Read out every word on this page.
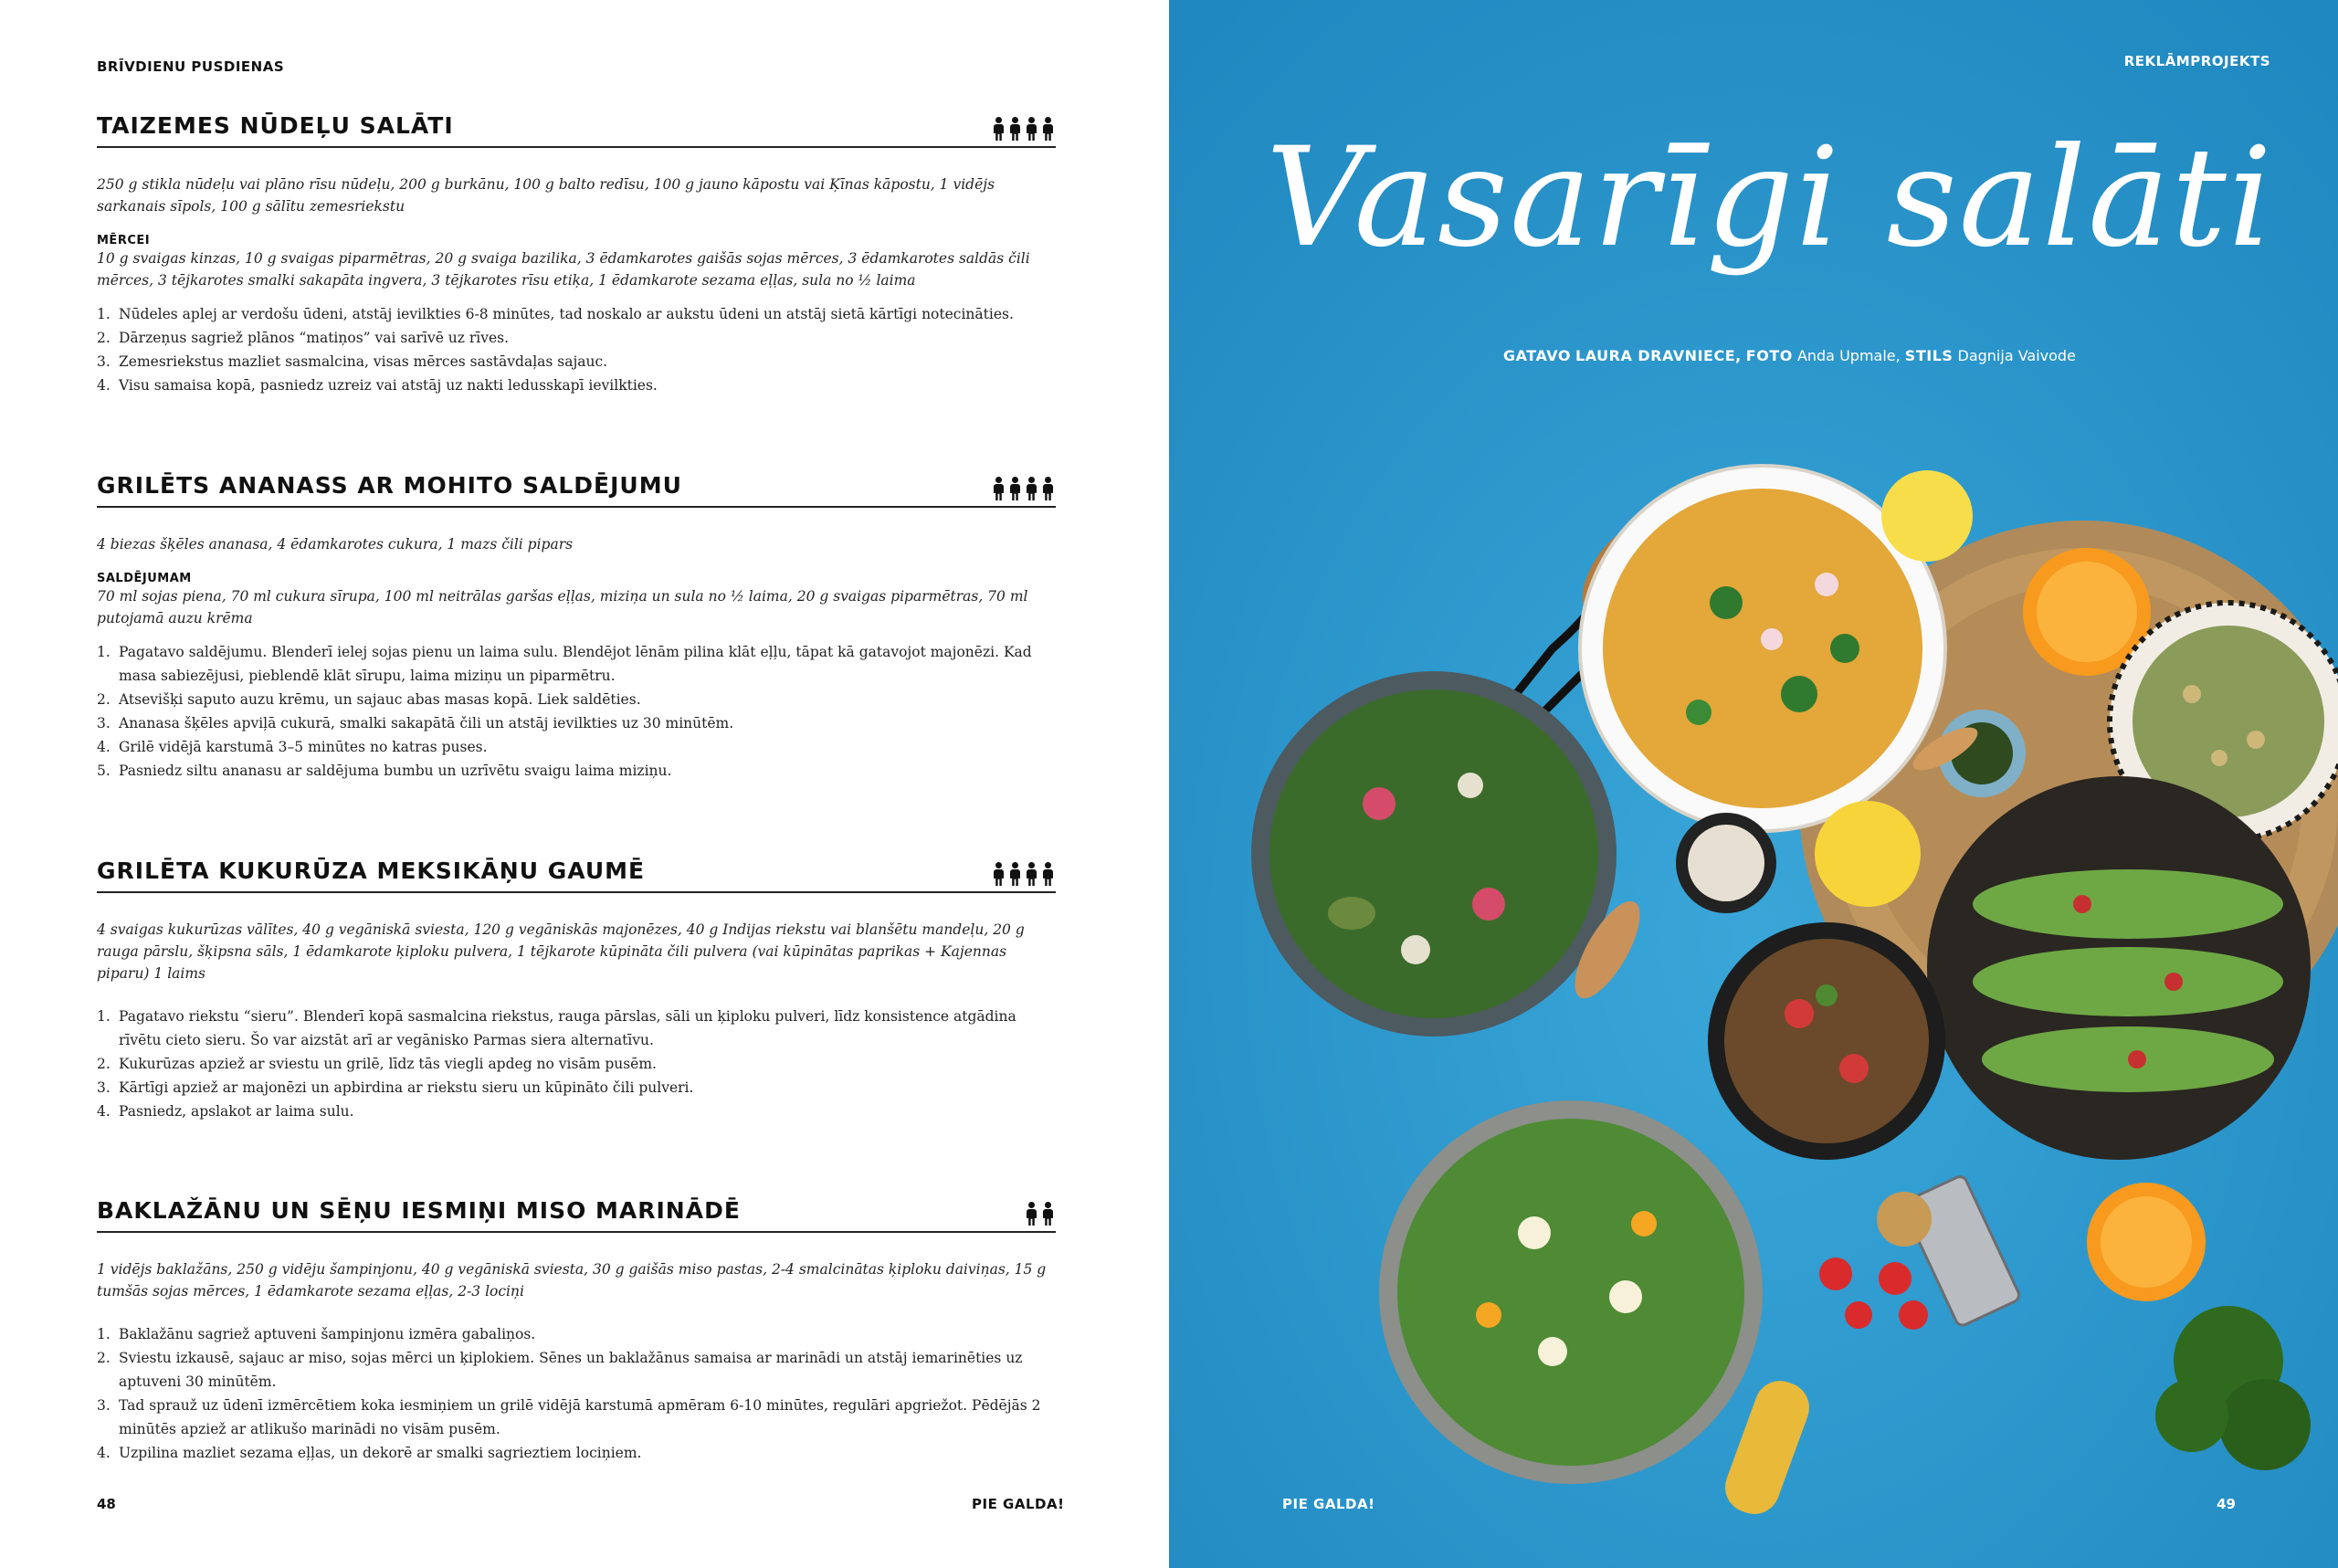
BRĪVDIENU PUSDIENAS
TAIZEMES NŪDEĻU SALĀTI
250 g stikla nūdeļu vai plāno rīsu nūdeļu, 200 g burkānu, 100 g balto redīsu, 100 g jauno kāpostu vai Ķīnas kāpostu, 1 vidējs sarkanais sīpols, 100 g sālītu zemesriekstu
MĒRCEI
10 g svaigas kinzas, 10 g svaigas piparmētras, 20 g svaiga bazilika, 3 ēdamkarotes gaišās sojas mērces, 3 ēdamkarotes saldās čili mērces, 3 tējkarotes smalki sakapāta ingvera, 3 tējkarotes rīsu etiķa, 1 ēdamkarote sezama eļļas, sula no ½ laima
1. Nūdeles aplej ar verdošu ūdeni, atstāj ievilkties 6-8 minūtes, tad noskalo ar aukstu ūdeni un atstāj sietā kārtīgi notecināties.
2. Dārzeņus sagriež plānos “matiņos” vai sarīvē uz rīves.
3. Zemesriekstus mazliet sasmalcina, visas mērces sastāvdaļas sajauc.
4. Visu samaisa kopā, pasniedz uzreiz vai atstāj uz nakti ledusskapī ievilkties.
GRILĒTS ANANASS AR MOHITO SALDĒJUMU
4 biezas šķēles ananasa, 4 ēdamkarotes cukura, 1 mazs čili pipars
SALDĒJUMAM
70 ml sojas piena, 70 ml cukura sīrupa, 100 ml neitrālas garšas eļļas, miziņa un sula no ½ laima, 20 g svaigas piparmētras, 70 ml putojamā auzu krēma
1. Pagatavo saldējumu. Blenderī ielej sojas pienu un laima sulu. Blendējot lēnām pilina klāt eļļu, tāpat kā gatavojot majonēzi. Kad masa sabiezējusi, pieblendē klāt sīrupu, laima miziņu un piparmētru.
2. Atsevišķi saputo auzu krēmu, un sajauc abas masas kopā. Liek saldēties.
3. Ananasa šķēles apviļā cukurā, smalki sakapātā čili un atstāj ievilkties uz 30 minūtēm.
4. Grilē vidējā karstumā 3–5 minūtes no katras puses.
5. Pasniedz siltu ananasu ar saldējuma bumbu un uzrīvētu svaigu laima miziņu.
GRILĒTA KUKURŪZA MEKSIKĀŅU GAUMĒ
4 svaigas kukurūzas vālītes, 40 g vegāniskā sviesta, 120 g vegāniskās majonēzes, 40 g Indijas riekstu vai blanšētu mandeļu, 20 g rauga pārslu, šķipsna sāls, 1 ēdamkarote ķiploku pulvera, 1 tējkarote kūpināta čili pulvera (vai kūpinātas paprikas + Kajennas piparu) 1 laims
1. Pagatavo riekstu “sieru”. Blenderī kopā sasmalcina riekstus, rauga pārslas, sāli un ķiploku pulveri, līdz konsistence atgādina rīvētu cieto sieru. Šo var aizstāt arī ar vegānisko Parmas siera alternatīvu.
2. Kukurūzas apziež ar sviestu un grilē, līdz tās viegli apdeg no visām pusēm.
3. Kārtīgi apziež ar majonēzi un apbirdina ar riekstu sieru un kūpināto čili pulveri.
4. Pasniedz, apslakot ar laima sulu.
BAKLAŽĀNU UN SĒŅU IESMIŅI MISO MARINĀDĒ
1 vidējs baklažāns, 250 g vidēju šampinjonu, 40 g vegāniskā sviesta, 30 g gaišās miso pastas, 2-4 smalcinātas ķiploku daiviņas, 15 g tumšās sojas mērces, 1 ēdamkarote sezama eļļas, 2-3 lociņi
1. Baklažānu sagriež aptuveni šampinjonu izmēra gabaliņos.
2. Sviestu izkausē, sajauc ar miso, sojas mērci un ķiplokiem. Sēnes un baklažānus samaisa ar marinādi un atstāj iemarinēties uz aptuveni 30 minūtēm.
3. Tad sprauž uz ūdenī izmērcētiem koka iesmiņiem un grilē vidējā karstumā apmēram 6-10 minūtes, regulāri apgriežot. Pēdējās 2 minūtēs apziež ar atlikušo marinādi no visām pusēm.
4. Uzpilina mazliet sezama eļļas, un dekorē ar smalki sagrieztiem lociņiem.
48	PIE GALDA!
REKLĀMPROJEKTS
Vasarīgi salāti
GATAVO LAURA DRAVNIECE, FOTO Anda Upmale, STILS Dagnija Vaivode
PIE GALDA!	49
